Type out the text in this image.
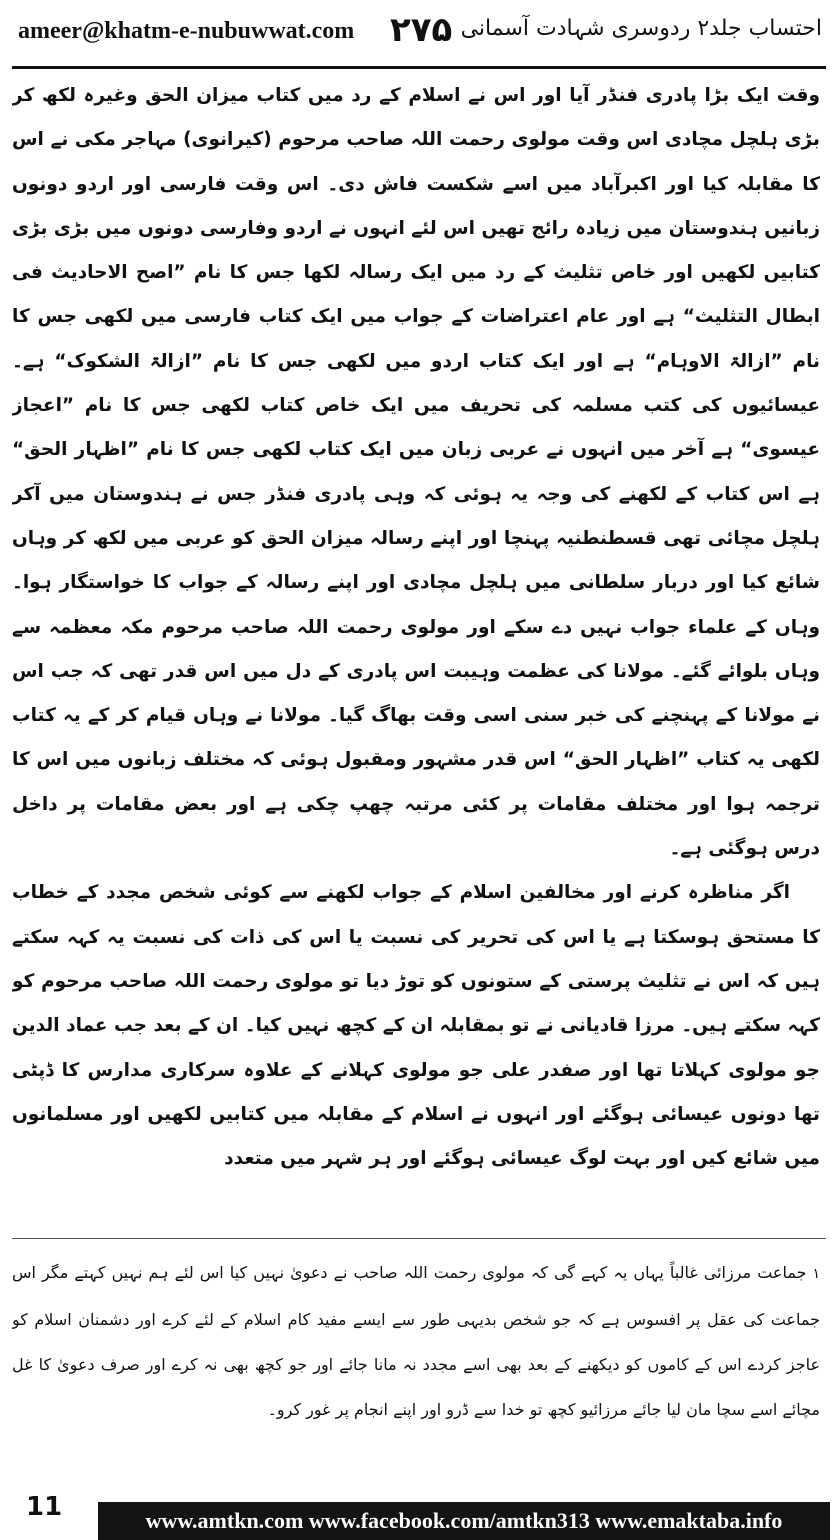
ameer@khatm-e-nubuwwat.com ٢٧۵ احتساب جلد۲ ردوسری شہادت آسمانی

وقت ایک بڑا پادری فنڈر آیا اور اس نے اسلام کے رد میں کتاب میزان الحق وغیرہ لکھ کر بڑی ہلچل مچادی اس وقت مولوی رحمت اللہ صاحب مرحوم (کیرانوی) مہاجر مکی نے اس کا مقابلہ کیا اور اکبرآباد میں اسے شکست فاش دی۔ اس وقت فارسی اور اردو دونوں زبانیں ہندوستان میں زیادہ رائج تھیں اس لئے انہوں نے اردو وفارسی دونوں میں بڑی بڑی کتابیں لکھیں اور خاص تثلیث کے رد میں ایک رسالہ لکھا جس کا نام ”اصح الاحادیث فی ابطال التثلیث“ ہے اور عام اعتراضات کے جواب میں ایک کتاب فارسی میں لکھی جس کا نام ”ازالۃ الاوہام“ ہے اور ایک کتاب اردو میں لکھی جس کا نام ”ازالۃ الشکوک“ ہے۔ عیسائیوں کی کتب مسلمہ کی تحریف میں ایک خاص کتاب لکھی جس کا نام ”اعجاز عیسوی“ ہے آخر میں انہوں نے عربی زبان میں ایک کتاب لکھی جس کا نام ”اظہار الحق“ ہے اس کتاب کے لکھنے کی وجہ یہ ہوئی کہ وہی پادری فنڈر جس نے ہندوستان میں آکر ہلچل مچائی تھی قسطنطنیہ پہنچا اور اپنے رسالہ میزان الحق کو عربی میں لکھ کر وہاں شائع کیا اور دربار سلطانی میں ہلچل مچادی اور اپنے رسالہ کے جواب کا خواستگار ہوا۔ وہاں کے علماء جواب نہیں دے سکے اور مولوی رحمت اللہ صاحب مرحوم مکہ معظمہ سے وہاں بلوائے گئے۔ مولانا کی عظمت وہیبت اس پادری کے دل میں اس قدر تھی کہ جب اس نے مولانا کے پہنچنے کی خبر سنی اسی وقت بھاگ گیا۔ مولانا نے وہاں قیام کر کے یہ کتاب لکھی یہ کتاب ”اظہار الحق“ اس قدر مشہور ومقبول ہوئی کہ مختلف زبانوں میں اس کا ترجمہ ہوا اور مختلف مقامات پر کئی مرتبہ چھپ چکی ہے اور بعض مقامات پر داخل درس ہوگئی ہے۔

اگر مناظرہ کرنے اور مخالفین اسلام کے جواب لکھنے سے کوئی شخص مجدد کے خطاب کا مستحق ہوسکتا ہے یا اس کی تحریر کی نسبت یا اس کی ذات کی نسبت یہ کہہ سکتے ہیں کہ اس نے تثلیث پرستی کے ستونوں کو توڑ دیا تو مولوی رحمت اللہ صاحب مرحوم کو کہہ سکتے ہیں۔ مرزا قادیانی نے تو بمقابلہ ان کے کچھ نہیں کیا۔ ان کے بعد جب عماد الدین جو مولوی کہلاتا تھا اور صفدر علی جو مولوی کہلانے کے علاوہ سرکاری مدارس کا ڈپٹی تھا دونوں عیسائی ہوگئے اور انہوں نے اسلام کے مقابلہ میں کتابیں لکھیں اور مسلمانوں میں شائع کیں اور بہت لوگ عیسائی ہوگئے اور ہر شہر میں متعدد

۱جماعت مرزائی غالباً یہاں یہ کہے گی کہ مولوی رحمت اللہ صاحب نے دعویٰ نہیں کیا اس لئے ہم نہیں کہتے مگر اس جماعت کی عقل پر افسوس ہے کہ جو شخص بدیہی طور سے ایسے مفید کام اسلام کے لئے کرے اور دشمنان اسلام کو عاجز کردے اس کے کاموں کو دیکھنے کے بعد بھی اسے مجدد نہ مانا جائے اور جو کچھ بھی نہ کرے اور صرف دعویٰ کا غل مچائے اسے سچا مان لیا جائے مرزائیو کچھ تو خدا سے ڈرو اور اپنے انجام پر غور کرو۔

11	www.amtkn.com www.facebook.com/amtkn313 www.emaktaba.info
